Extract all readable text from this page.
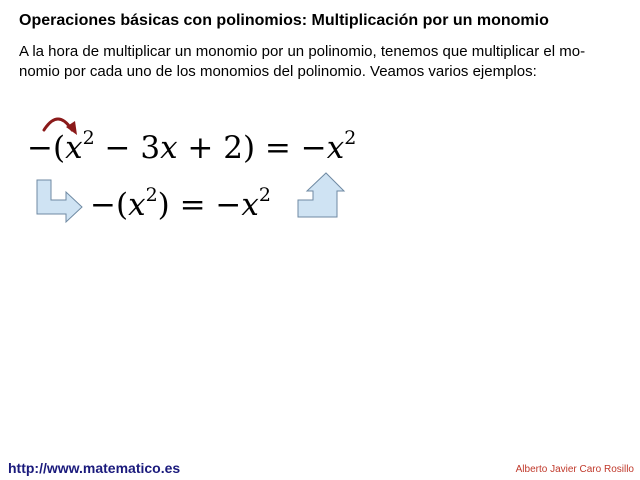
Operaciones básicas con polinomios: Multiplicación por un monomio
A la hora de multiplicar un monomio por un polinomio, tenemos que multiplicar el mo-
nomio por cada uno de los monomios del polinomio. Veamos varios ejemplos:
$-(x^2 - 3x + 2) = -x^2$
$-(x^2) = -x^2$
http://www.matematico.es	Alberto Javier Caro Rosillo
